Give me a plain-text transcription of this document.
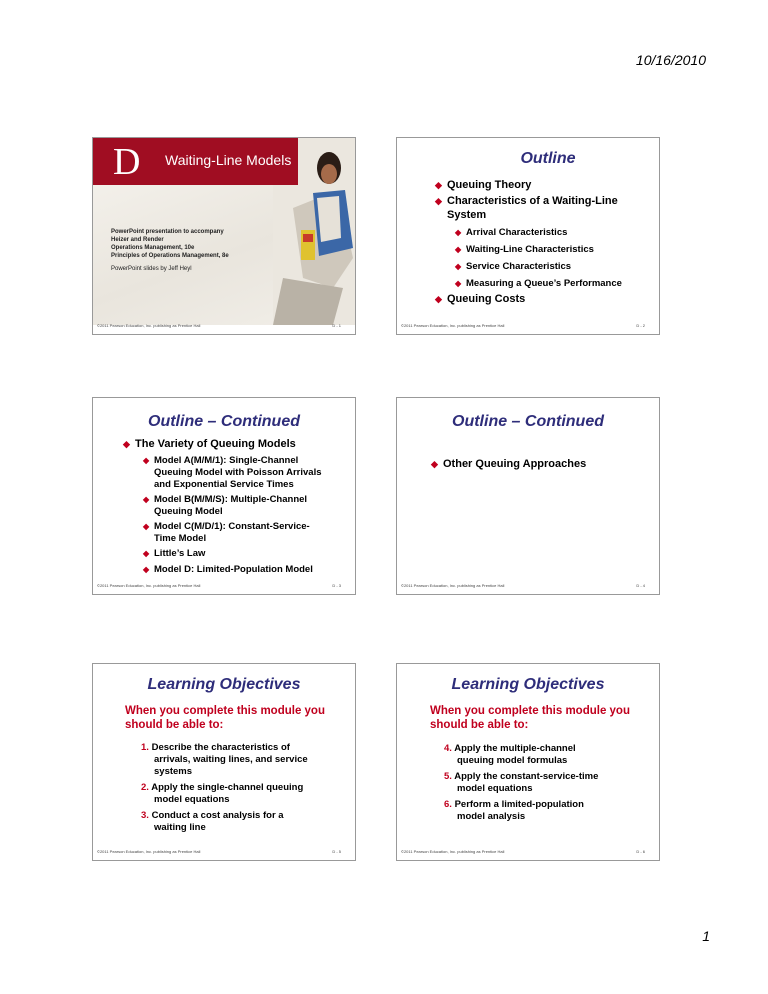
10/16/2010
D Waiting-Line Models
PowerPoint presentation to accompany
Heizer and Render
Operations Management, 10e
Principles of Operations Management, 8e
PowerPoint slides by Jeff Heyl
©2011 Pearson Education, Inc. publishing as Prentice Hall	D - 1
Outline
◆ Queuing Theory
◆ Characteristics of a Waiting-Line
System
◆ Arrival Characteristics
◆ Waiting-Line Characteristics
◆ Service Characteristics
◆ Measuring a Queue’s Performance
◆ Queuing Costs
©2011 Pearson Education, Inc. publishing as Prentice Hall	D - 2
Outline – Continued
◆ The Variety of Queuing Models
◆ Model A(M/M/1): Single-Channel
Queuing Model with Poisson Arrivals
and Exponential Service Times
◆ Model B(M/M/S): Multiple-Channel
Queuing Model
◆ Model C(M/D/1): Constant-Service-
Time Model
◆ Little’s Law
◆ Model D: Limited-Population Model
©2011 Pearson Education, Inc. publishing as Prentice Hall	D - 3
Outline – Continued
◆ Other Queuing Approaches
©2011 Pearson Education, Inc. publishing as Prentice Hall	D - 4
Learning Objectives
When you complete this module you
should be able to:
1. Describe the characteristics of
arrivals, waiting lines, and service
systems
2. Apply the single-channel queuing
model equations
3. Conduct a cost analysis for a
waiting line
©2011 Pearson Education, Inc. publishing as Prentice Hall	D - 5
Learning Objectives
When you complete this module you
should be able to:
4. Apply the multiple-channel
queuing model formulas
5. Apply the constant-service-time
model equations
6. Perform a limited-population
model analysis
©2011 Pearson Education, Inc. publishing as Prentice Hall	D - 6
1
